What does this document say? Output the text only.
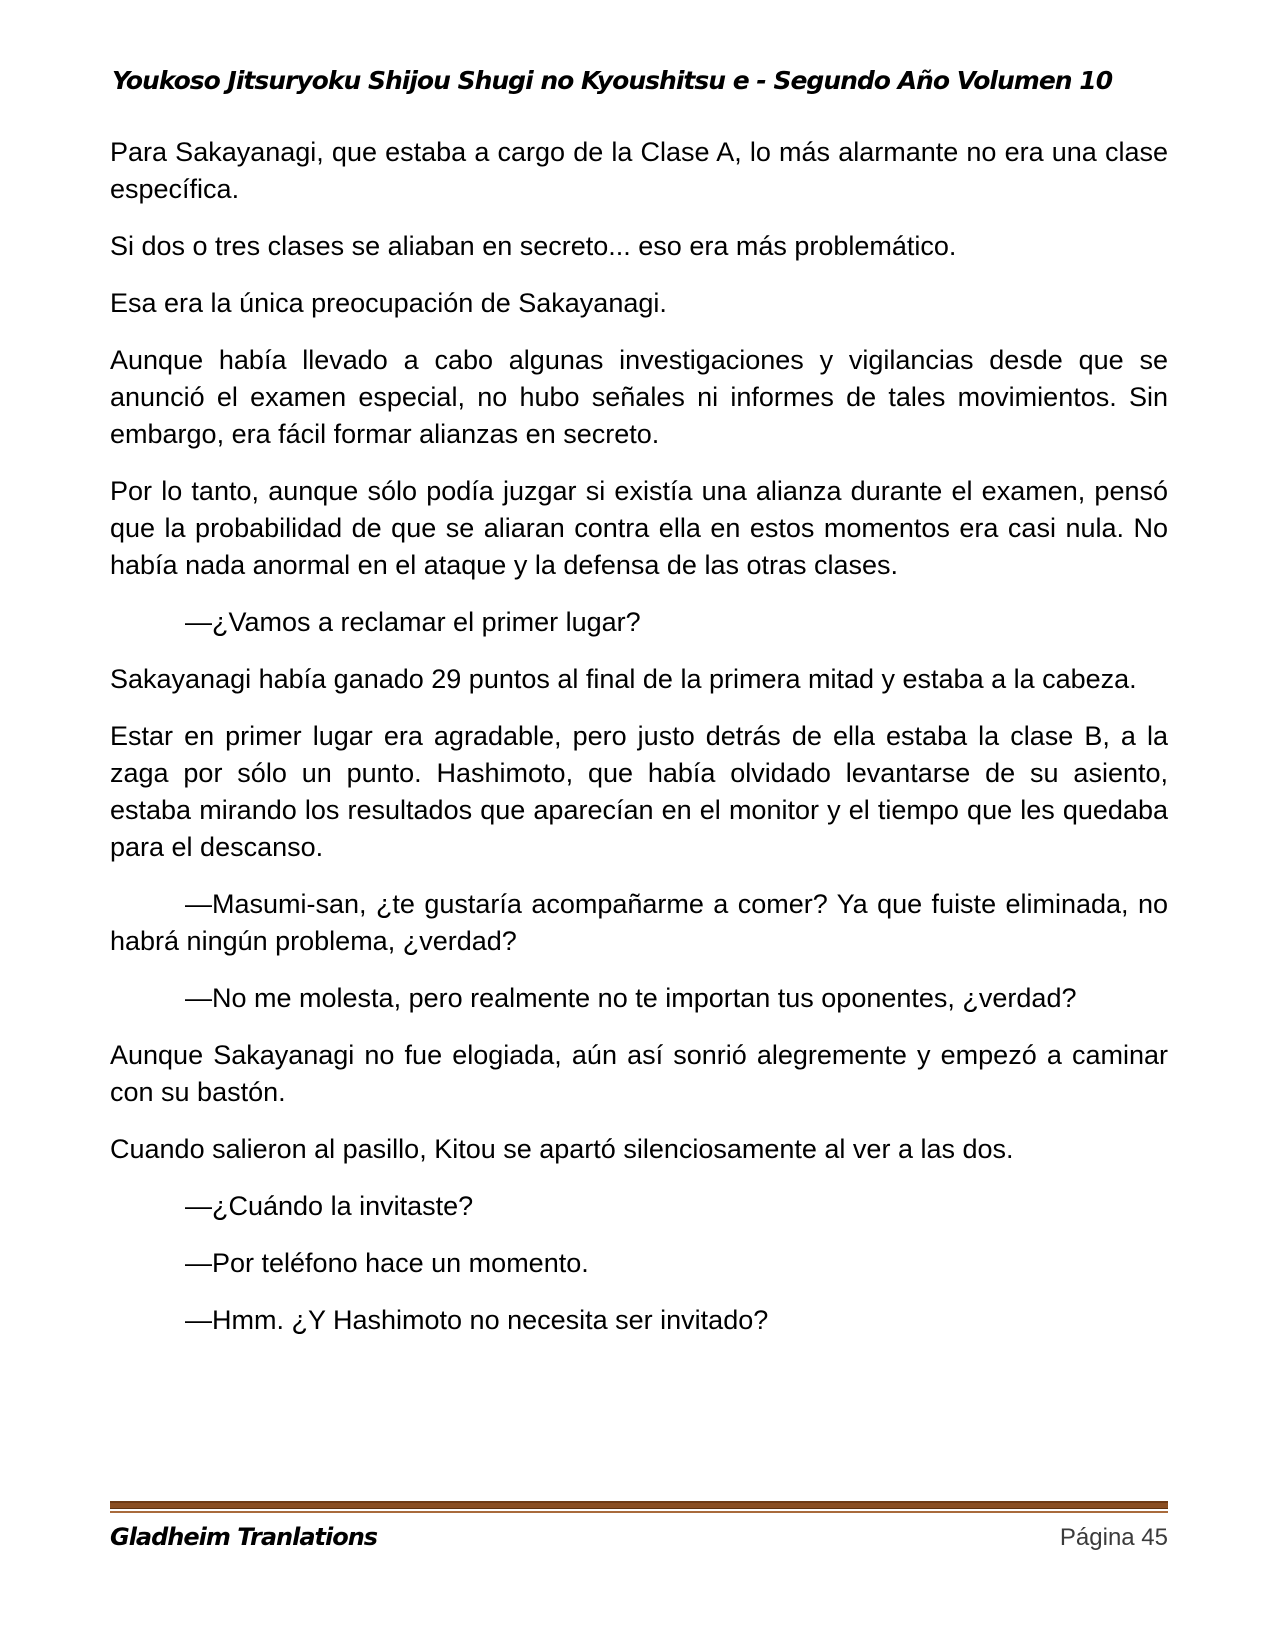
Youkoso Jitsuryoku Shijou Shugi no Kyoushitsu e - Segundo Año Volumen 10

Para Sakayanagi, que estaba a cargo de la Clase A, lo más alarmante no era una clase específica.

Si dos o tres clases se aliaban en secreto... eso era más problemático.

Esa era la única preocupación de Sakayanagi.

Aunque había llevado a cabo algunas investigaciones y vigilancias desde que se anunció el examen especial, no hubo señales ni informes de tales movimientos. Sin embargo, era fácil formar alianzas en secreto.

Por lo tanto, aunque sólo podía juzgar si existía una alianza durante el examen, pensó que la probabilidad de que se aliaran contra ella en estos momentos era casi nula. No había nada anormal en el ataque y la defensa de las otras clases.

—¿Vamos a reclamar el primer lugar?

Sakayanagi había ganado 29 puntos al final de la primera mitad y estaba a la cabeza.

Estar en primer lugar era agradable, pero justo detrás de ella estaba la clase B, a la zaga por sólo un punto. Hashimoto, que había olvidado levantarse de su asiento, estaba mirando los resultados que aparecían en el monitor y el tiempo que les quedaba para el descanso.

—Masumi-san, ¿te gustaría acompañarme a comer? Ya que fuiste eliminada, no habrá ningún problema, ¿verdad?

—No me molesta, pero realmente no te importan tus oponentes, ¿verdad?

Aunque Sakayanagi no fue elogiada, aún así sonrió alegremente y empezó a caminar con su bastón.

Cuando salieron al pasillo, Kitou se apartó silenciosamente al ver a las dos.

—¿Cuándo la invitaste?

—Por teléfono hace un momento.

—Hmm. ¿Y Hashimoto no necesita ser invitado?

Gladheim Tranlations	Página 45
